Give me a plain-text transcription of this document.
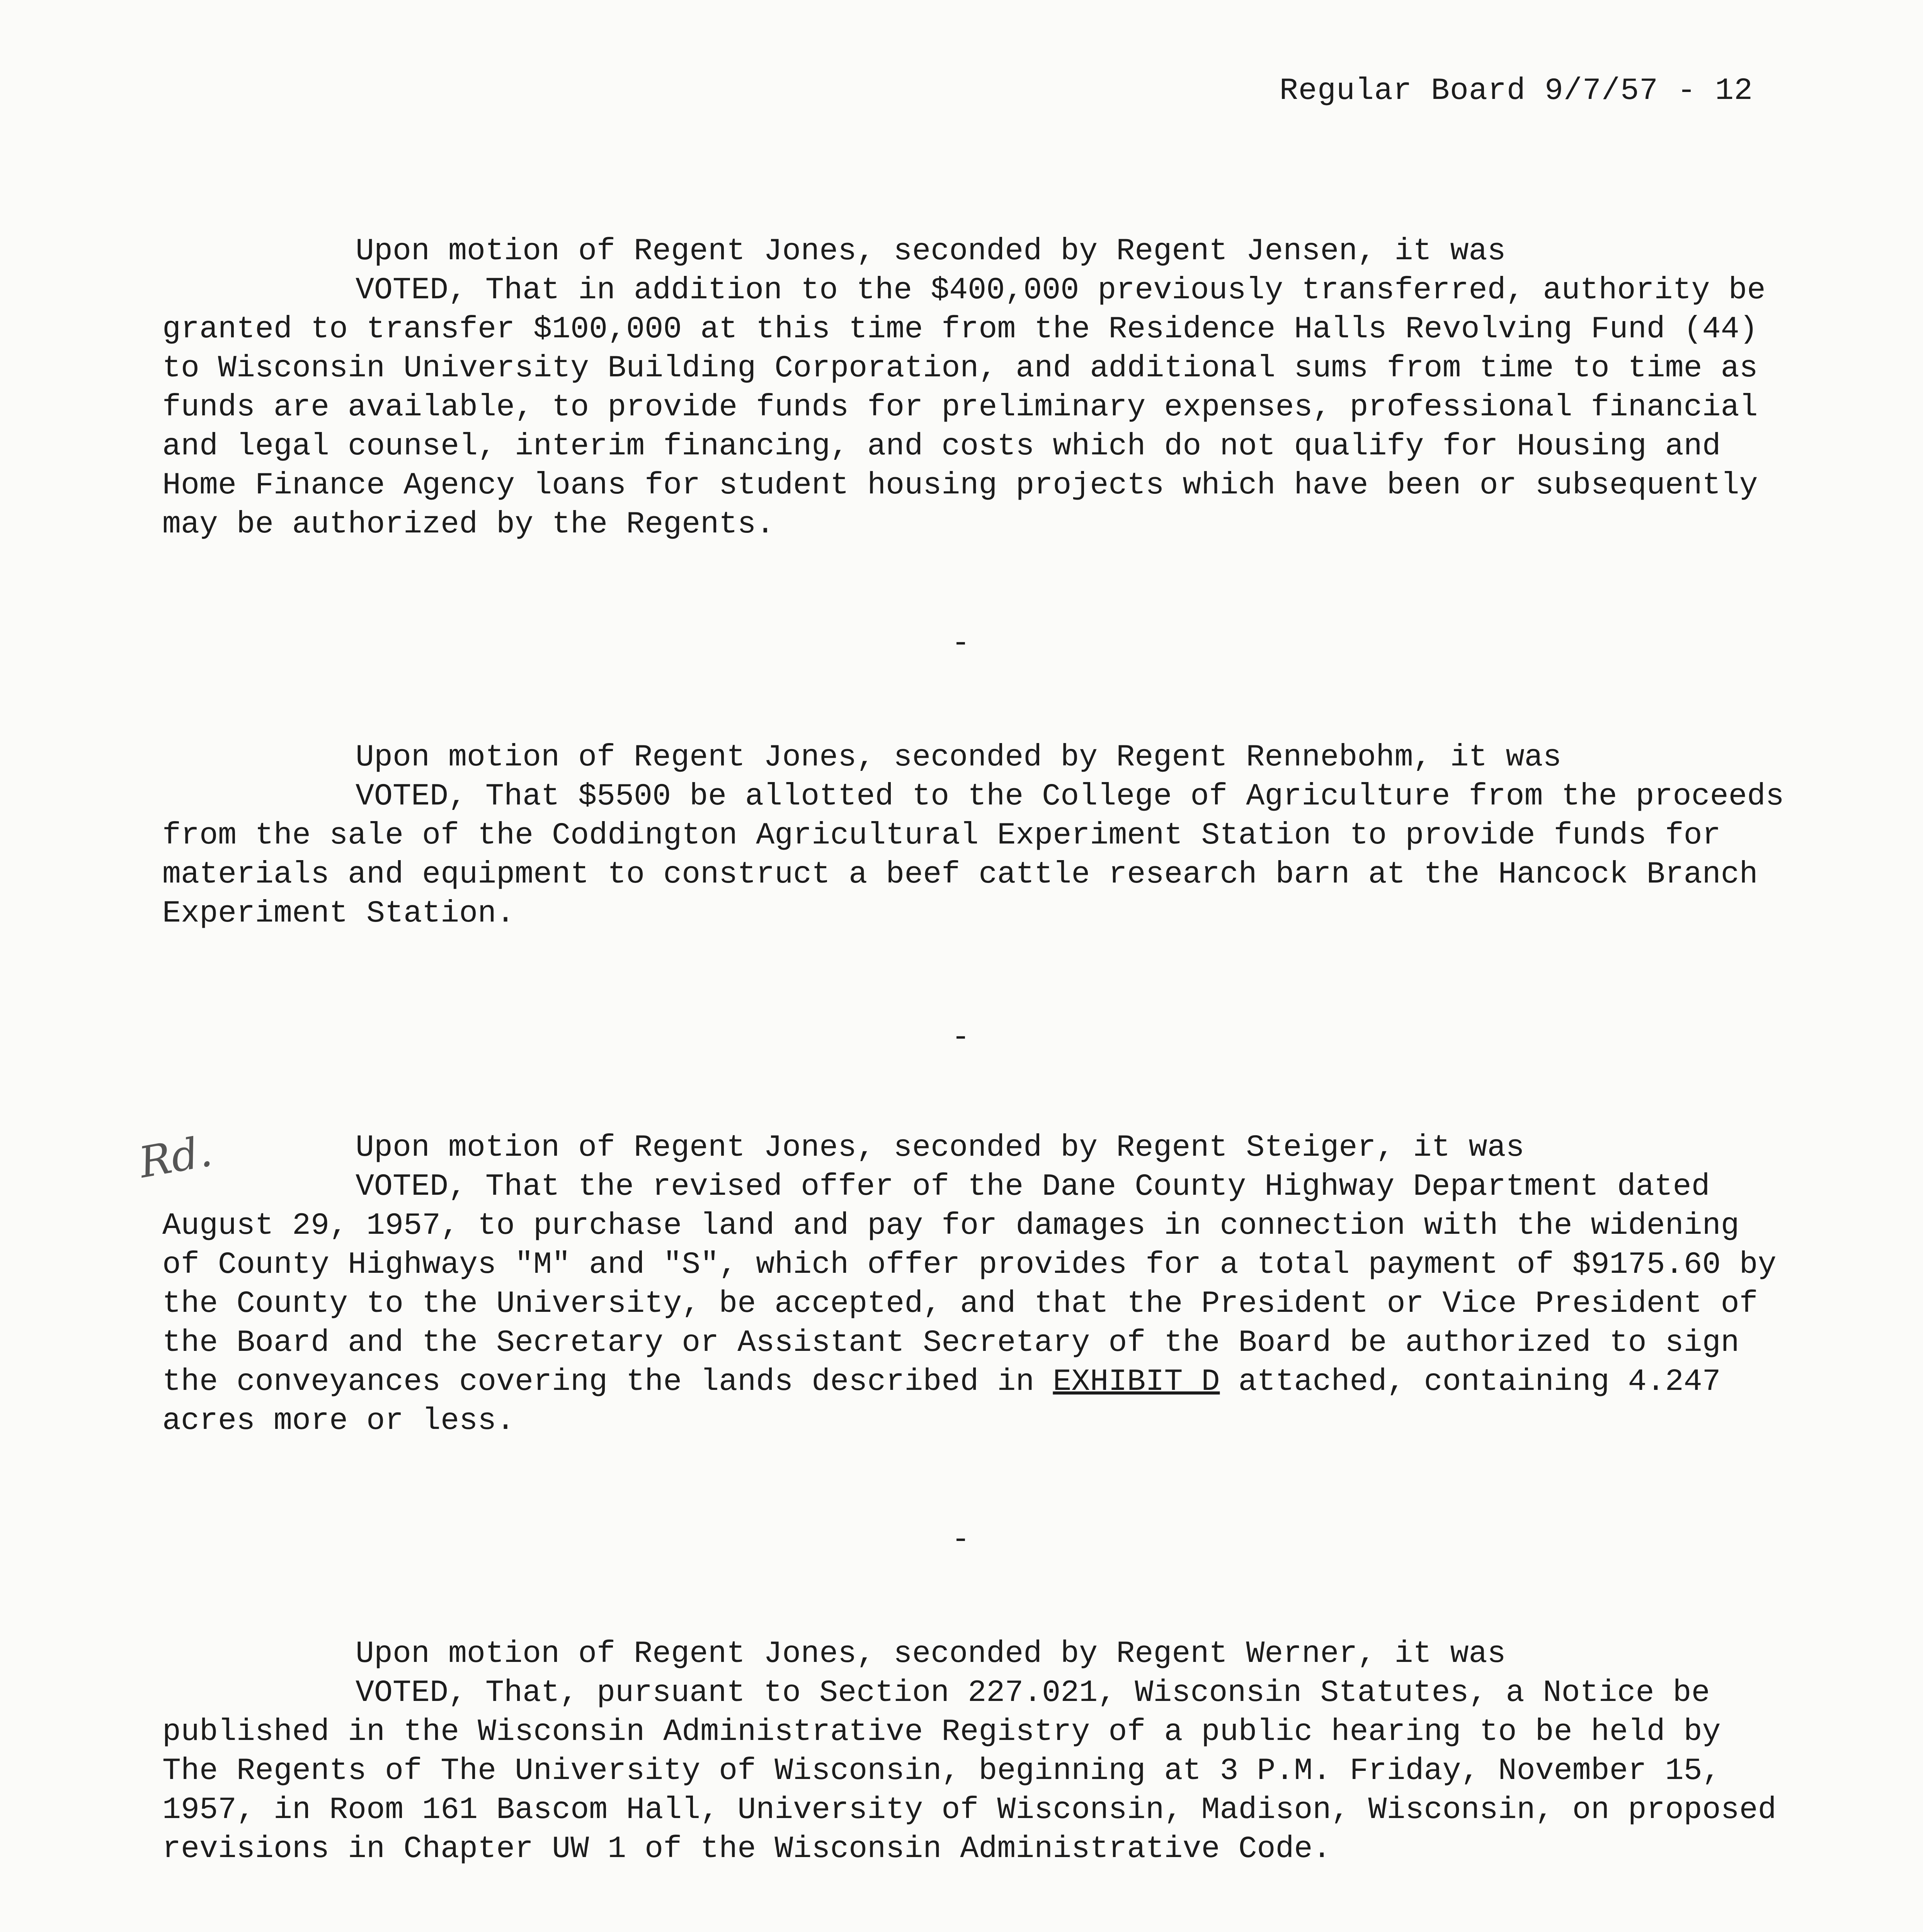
Regular Board 9/7/57 - 12

Upon motion of Regent Jones, seconded by Regent Jensen, it was

VOTED, That in addition to the $400,000 previously transferred, authority be granted to transfer $100,000 at this time from the Residence Halls Revolving Fund (44) to Wisconsin University Building Corporation, and additional sums from time to time as funds are available, to provide funds for preliminary expenses, professional financial and legal counsel, interim financing, and costs which do not qualify for Housing and Home Finance Agency loans for student housing projects which have been or subsequently may be authorized by the Regents.

-

Upon motion of Regent Jones, seconded by Regent Rennebohm, it was

VOTED, That $5500 be allotted to the College of Agriculture from the proceeds from the sale of the Coddington Agricultural Experiment Station to provide funds for materials and equipment to construct a beef cattle research barn at the Hancock Branch Experiment Station.

-
Rd.	Upon motion of Regent Jones, seconded by Regent Steiger, it was

VOTED, That the revised offer of the Dane County Highway Department dated August 29, 1957, to purchase land and pay for damages in connection with the widening of County Highways "M" and "S", which offer provides for a total payment of $9175.60 by the County to the University, be accepted, and that the President or Vice President of the Board and the Secretary or Assistant Secretary of the Board be authorized to sign the conveyances covering the lands described in EXHIBIT D attached, containing 4.247 acres more or less.

-

Upon motion of Regent Jones, seconded by Regent Werner, it was

VOTED, That, pursuant to Section 227.021, Wisconsin Statutes, a Notice be published in the Wisconsin Administrative Registry of a public hearing to be held by The Regents of The University of Wisconsin, beginning at 3 P.M. Friday, November 15, 1957, in Room 161 Bascom Hall, University of Wisconsin, Madison, Wisconsin, on proposed revisions in Chapter UW 1 of the Wisconsin Administrative Code.
